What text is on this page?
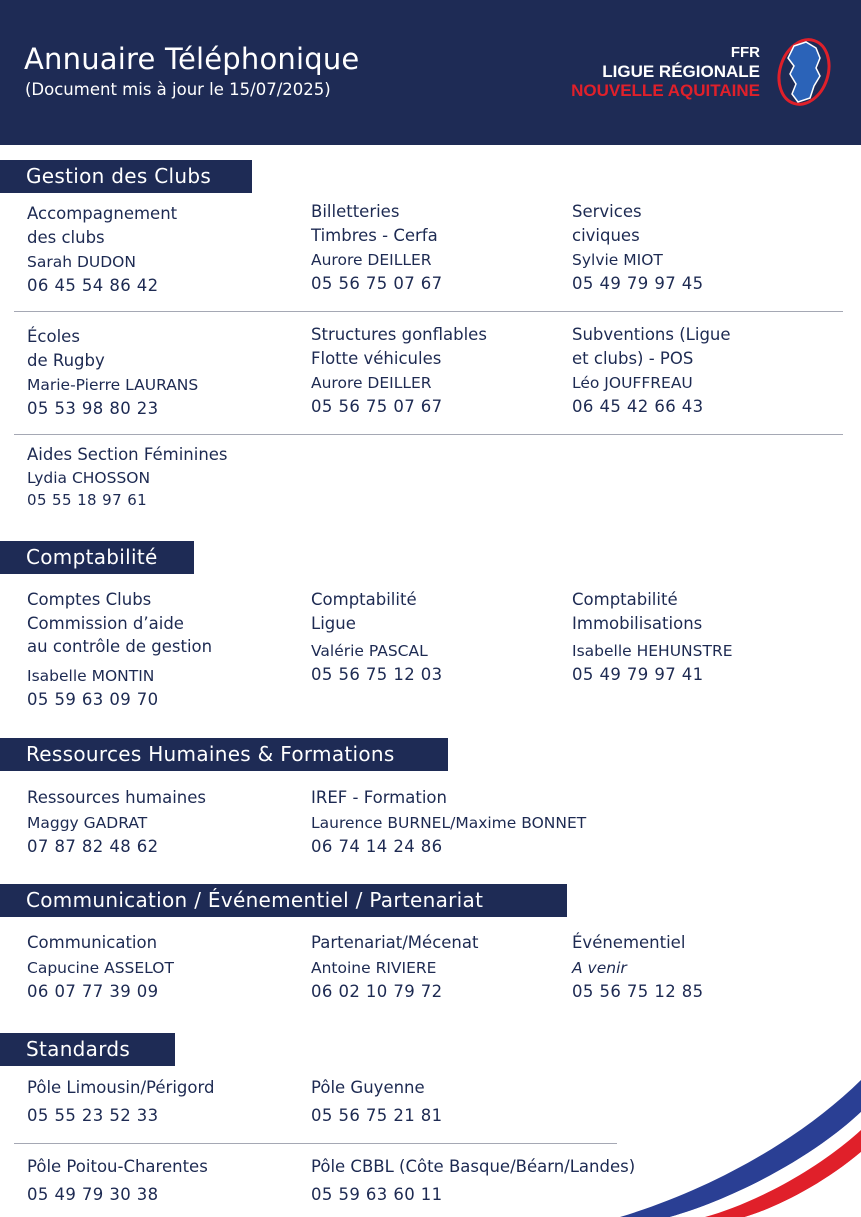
Annuaire Téléphonique
(Document mis à jour le 15/07/2025)
FFR
LIGUE RÉGIONALE
NOUVELLE AQUITAINE
Gestion des Clubs
Accompagnement
des clubs
Sarah DUDON
06 45 54 86 42
Billetteries
Timbres - Cerfa
Aurore DEILLER
05 56 75 07 67
Services
civiques
Sylvie MIOT
05 49 79 97 45
Écoles
de Rugby
Marie-Pierre LAURANS
05 53 98 80 23
Structures gonflables
Flotte véhicules
Aurore DEILLER
05 56 75 07 67
Subventions (Ligue
et clubs) - POS
Léo JOUFFREAU
06 45 42 66 43
Aides Section Féminines
Lydia CHOSSON
05 55 18 97 61
Comptabilité
Comptes Clubs
Commission d’aide
au contrôle de gestion
Isabelle MONTIN
05 59 63 09 70
Comptabilité
Ligue
Valérie PASCAL
05 56 75 12 03
Comptabilité
Immobilisations
Isabelle HEHUNSTRE
05 49 79 97 41
Ressources Humaines & Formations
Ressources humaines
Maggy GADRAT
07 87 82 48 62
IREF - Formation
Laurence BURNEL/Maxime BONNET
06 74 14 24 86
Communication / Événementiel / Partenariat
Communication
Capucine ASSELOT
06 07 77 39 09
Partenariat/Mécenat
Antoine RIVIERE
06 02 10 79 72
Événementiel
A venir
05 56 75 12 85
Standards
Pôle Limousin/Périgord
05 55 23 52 33
Pôle Guyenne
05 56 75 21 81
Pôle Poitou-Charentes
05 49 79 30 38
Pôle CBBL (Côte Basque/Béarn/Landes)
05 59 63 60 11
